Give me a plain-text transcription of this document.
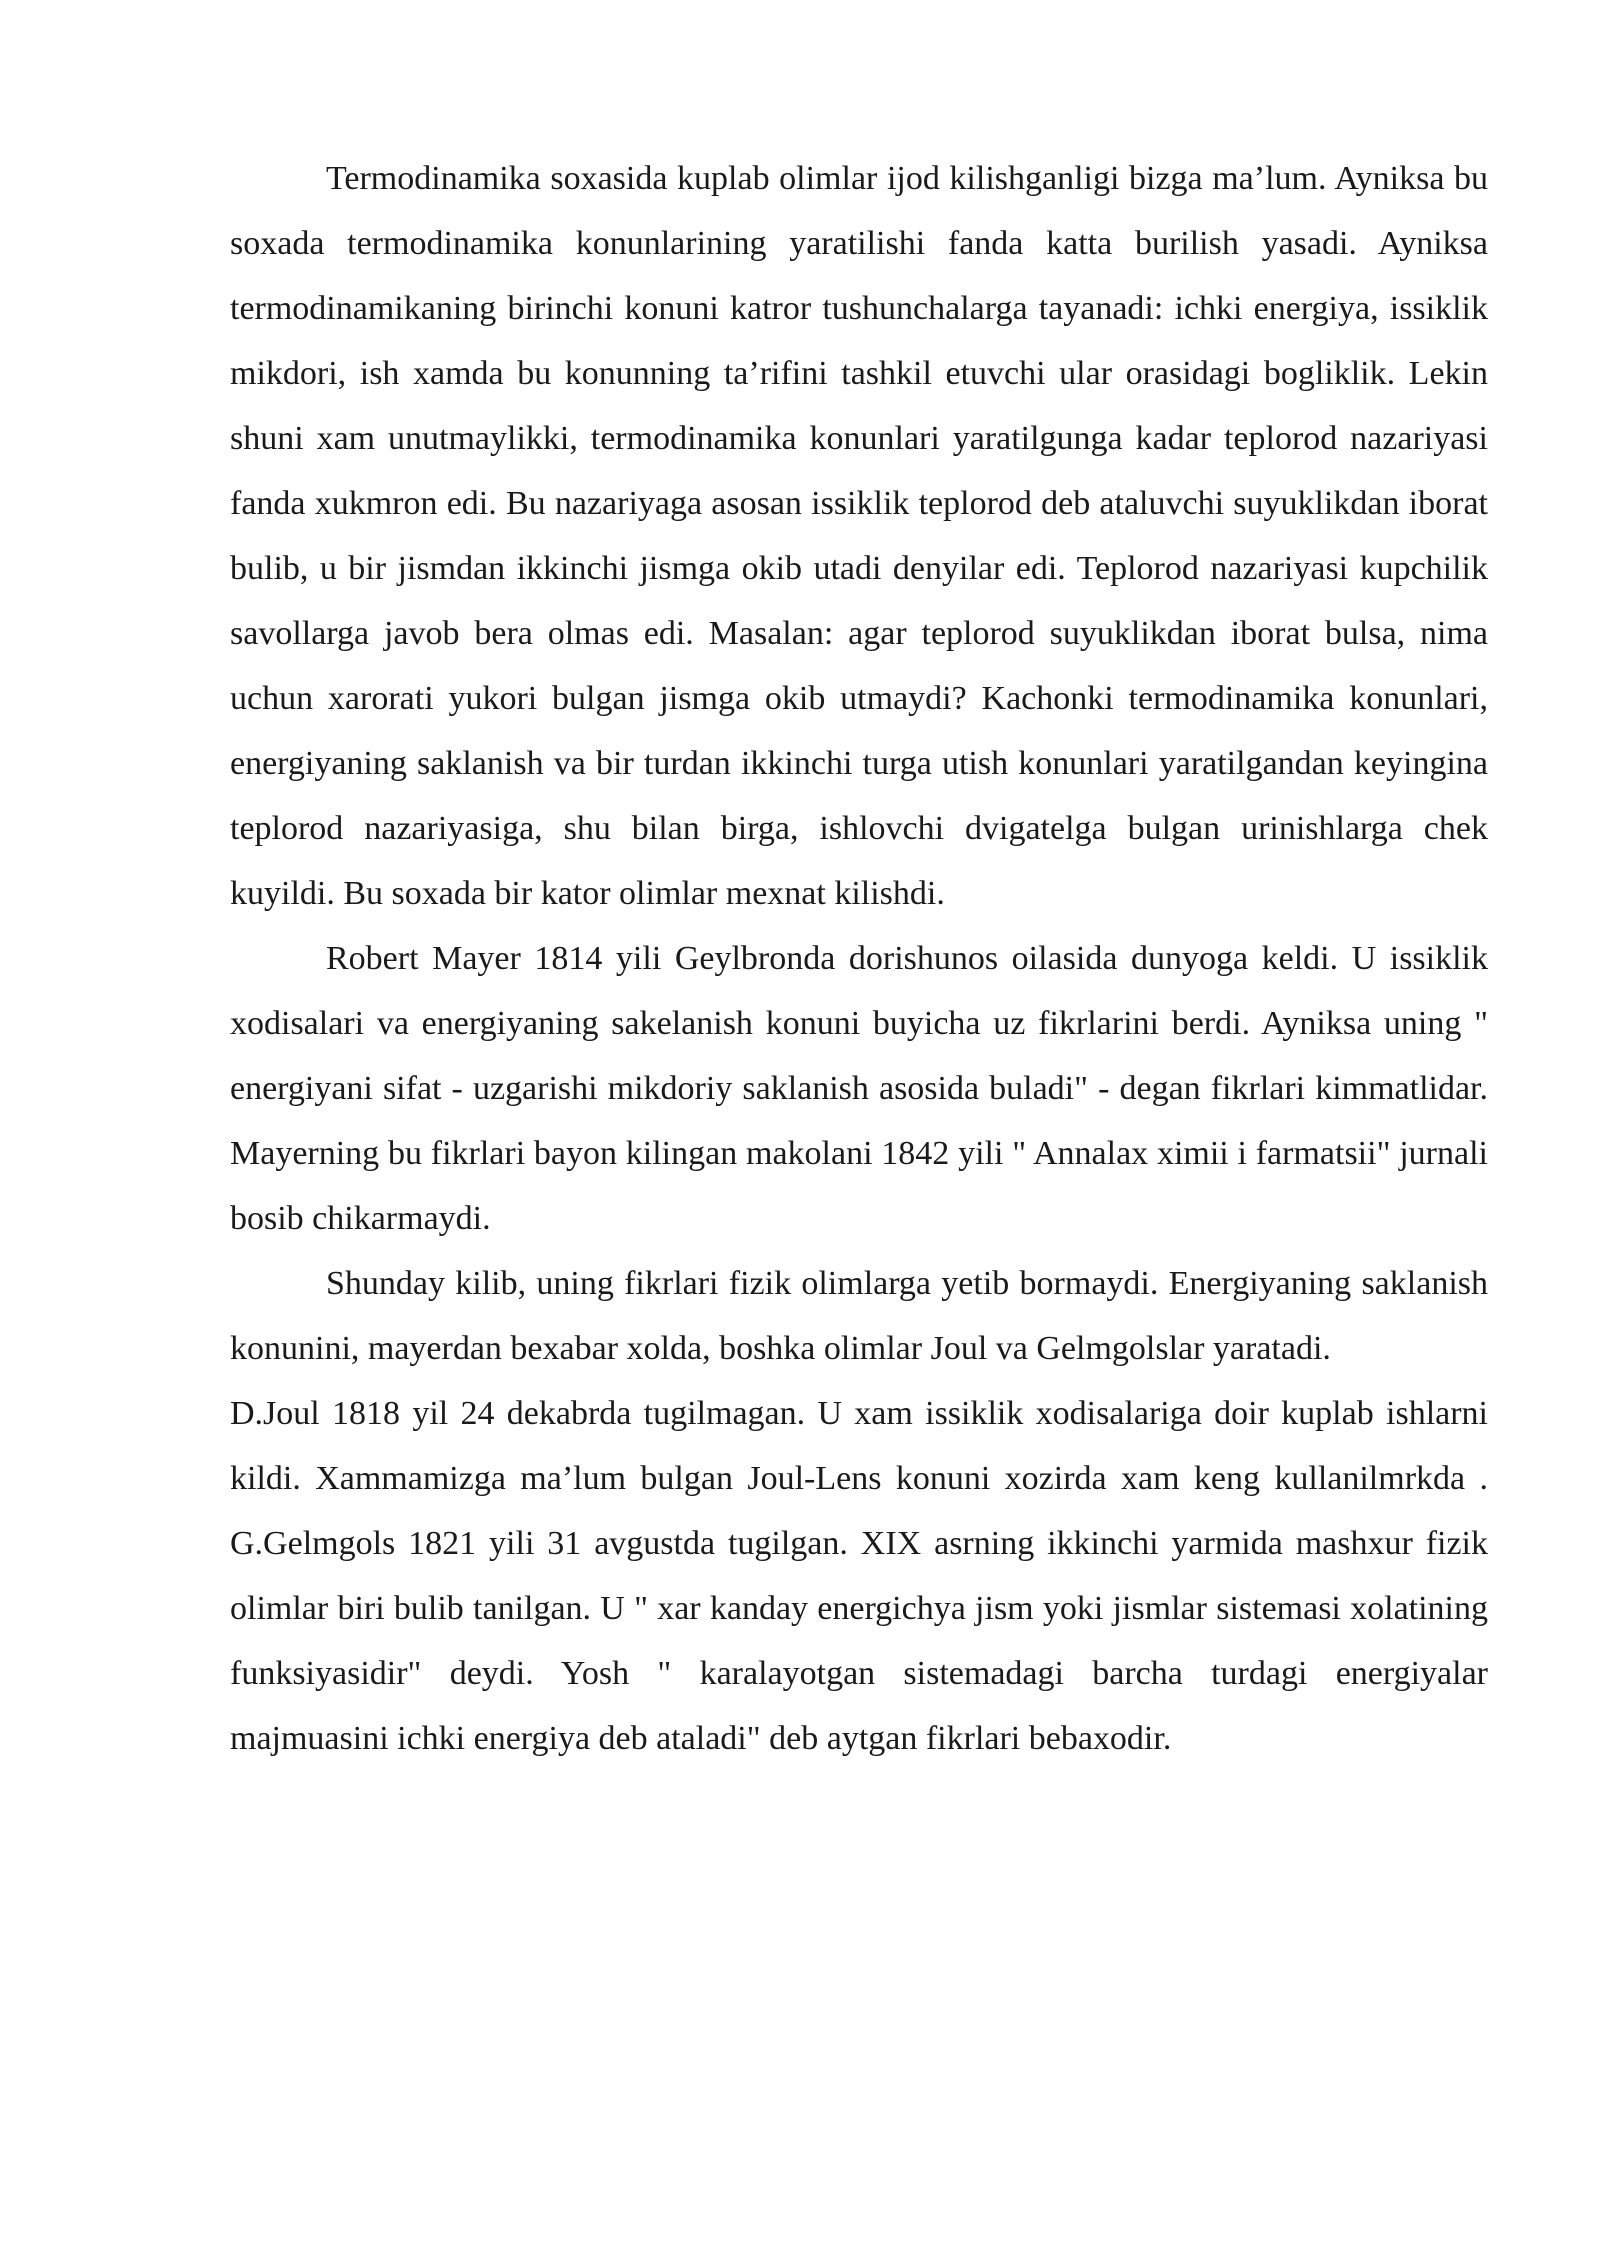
Termodinamika soxasida kuplab olimlar ijod kilishganligi bizga ma’lum. Ayniksa bu soxada termodinamika konunlarining yaratilishi fanda katta burilish yasadi. Ayniksa termodinamikaning birinchi konuni katror tushunchalarga tayanadi: ichki energiya, issiklik mikdori, ish xamda bu konunning ta’rifini tashkil etuvchi ular orasidagi bogliklik. Lekin shuni xam unutmaylikki, termodinamika konunlari yaratilgunga kadar teplorod nazariyasi fanda xukmron edi. Bu nazariyaga asosan issiklik teplorod deb ataluvchi suyuklikdan iborat bulib, u bir jismdan ikkinchi jismga okib utadi denyilar edi. Teplorod nazariyasi kupchilik savollarga javob bera olmas edi. Masalan: agar teplorod suyuklikdan iborat bulsa, nima uchun xarorati yukori bulgan jismga okib utmaydi? Kachonki termodinamika konunlari, energiyaning saklanish va bir turdan ikkinchi turga utish konunlari yaratilgandan keyingina teplorod nazariyasiga, shu bilan birga, ishlovchi dvigatelga bulgan urinishlarga chek kuyildi. Bu soxada bir kator olimlar mexnat kilishdi.

Robert Mayer 1814 yili Geylbronda dorishunos oilasida dunyoga keldi. U issiklik xodisalari va energiyaning sakelanish konuni buyicha uz fikrlarini berdi. Ayniksa uning " energiyani sifat - uzgarishi mikdoriy saklanish asosida buladi" - degan fikrlari kimmatlidar. Mayerning bu fikrlari bayon kilingan makolani 1842 yili " Annalax ximii i farmatsii" jurnali bosib chikarmaydi.

Shunday kilib, uning fikrlari fizik olimlarga yetib bormaydi. Energiyaning saklanish konunini, mayerdan bexabar xolda, boshka olimlar Joul va Gelmgolslar yaratadi.

D.Joul 1818 yil 24 dekabrda tugilmagan. U xam issiklik xodisalariga doir kuplab ishlarni kildi. Xammamizga ma’lum bulgan Joul-Lens konuni xozirda xam keng kullanilmrkda . G.Gelmgols 1821 yili 31 avgustda tugilgan. XIX asrning ikkinchi yarmida mashxur fizik olimlar biri bulib tanilgan. U " xar kanday energichya jism yoki jismlar sistemasi xolatining funksiyasidir" deydi. Yosh " karalayotgan sistemadagi barcha turdagi energiyalar majmuasini ichki energiya deb ataladi" deb aytgan fikrlari bebaxodir.
